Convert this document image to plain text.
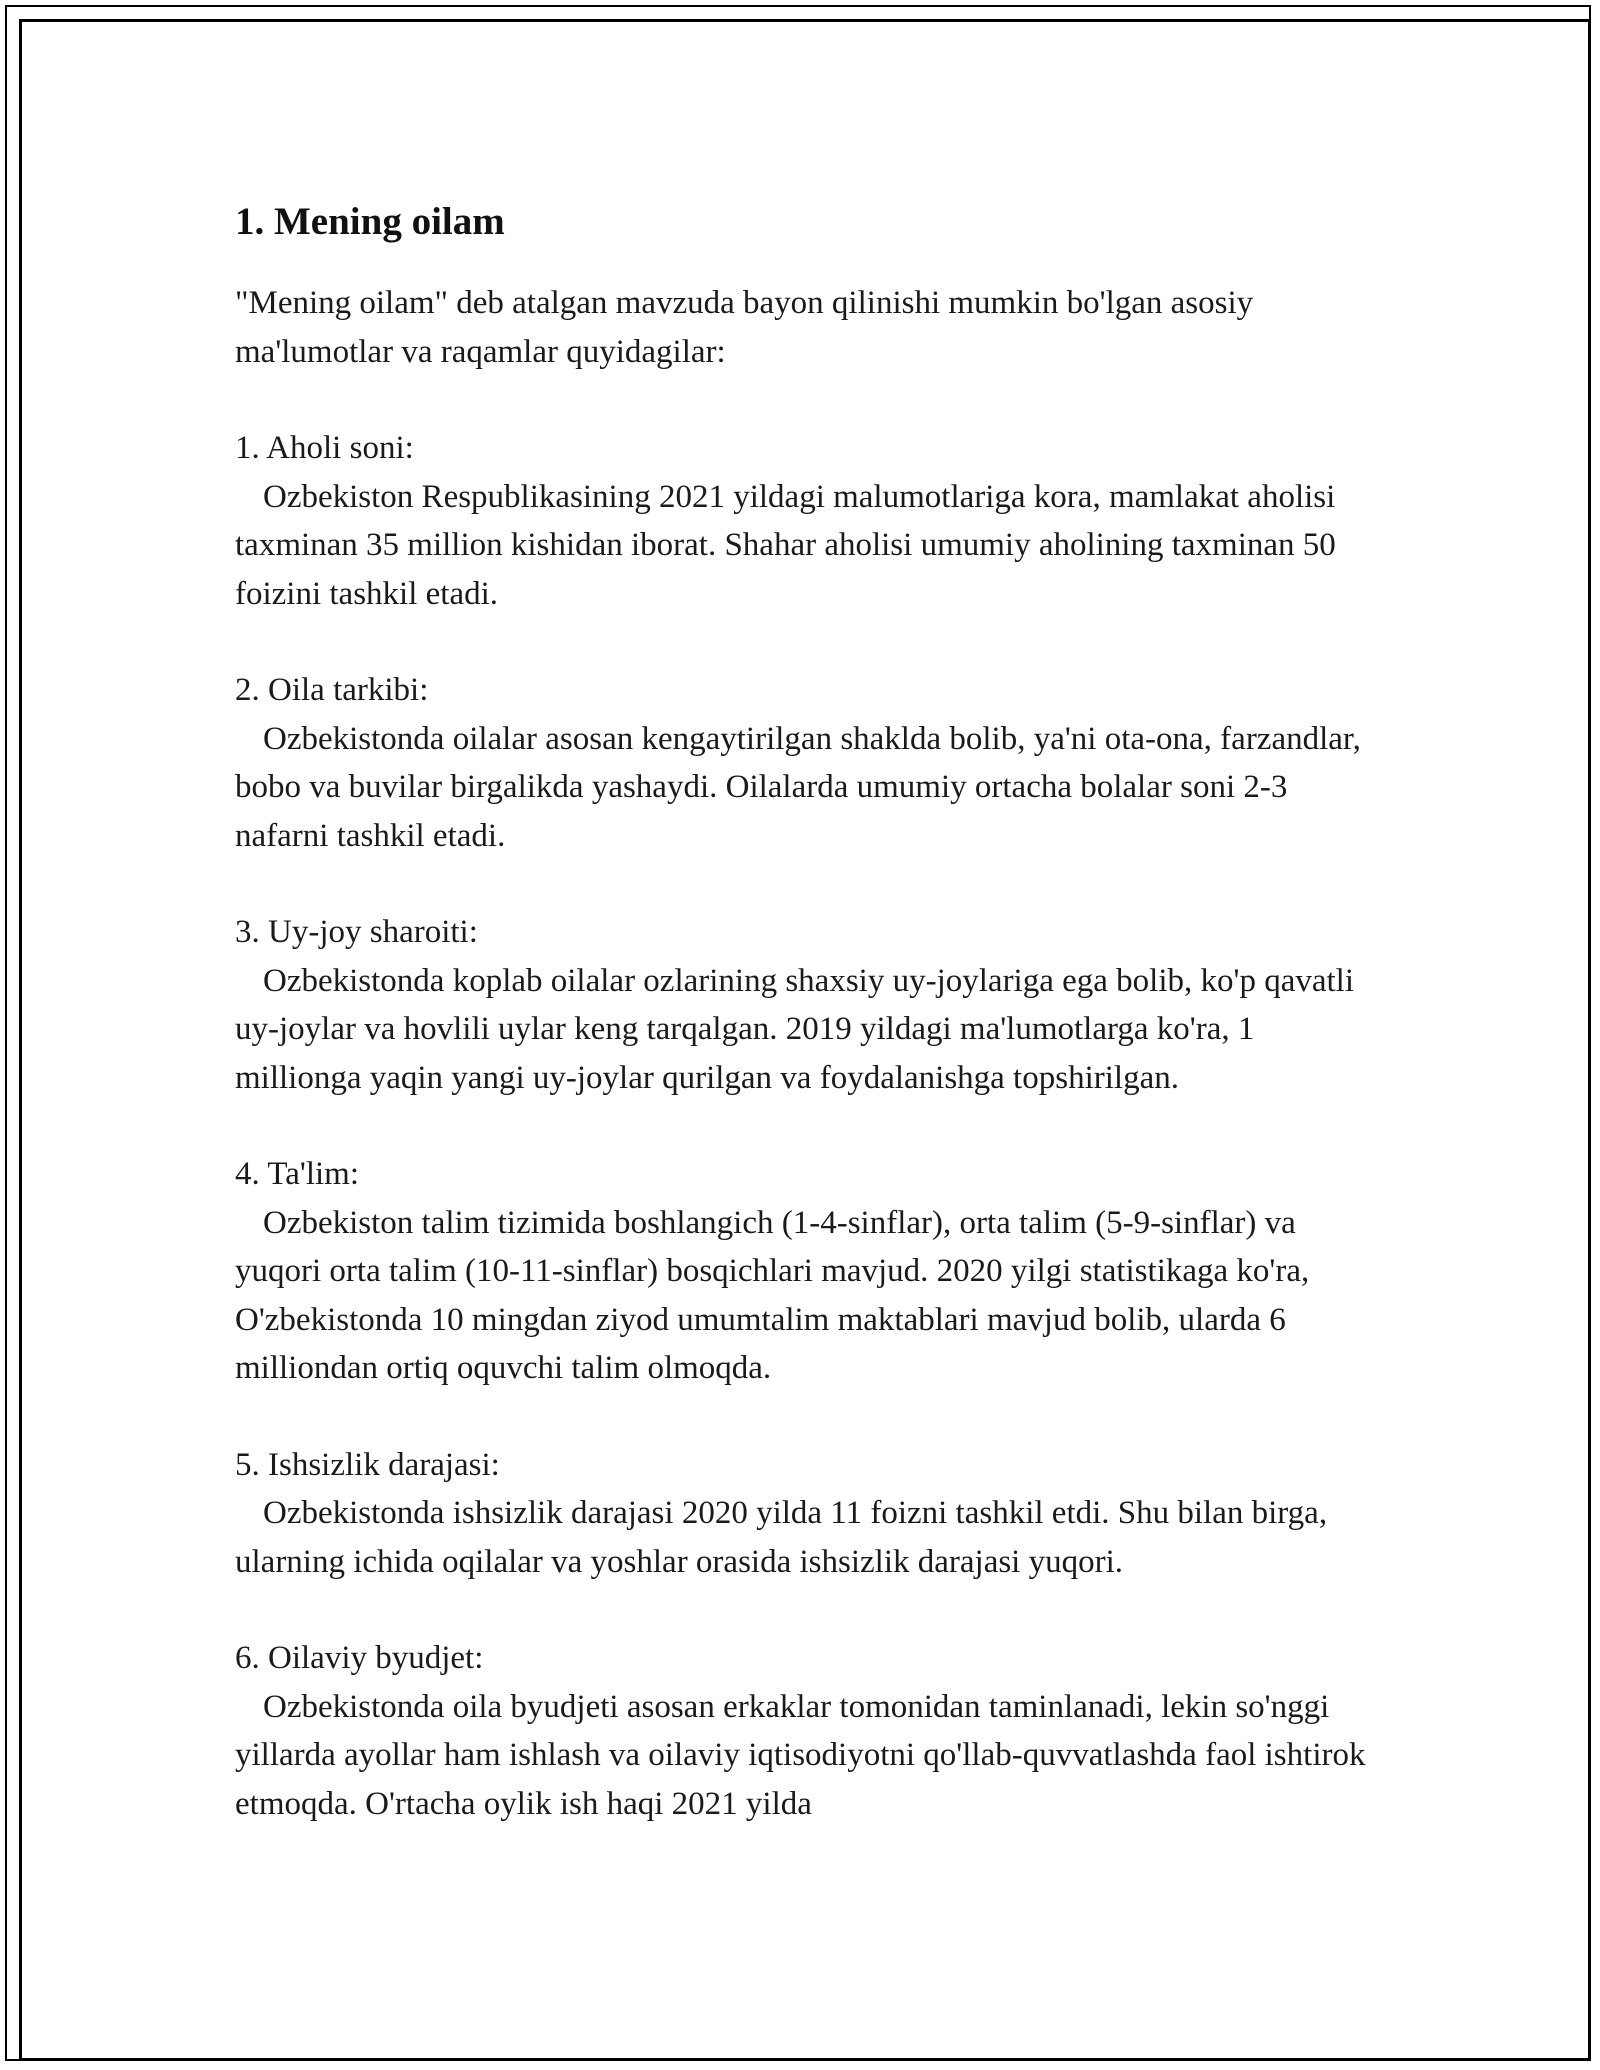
1. Mening oilam

"Mening oilam" deb atalgan mavzuda bayon qilinishi mumkin bo'lgan asosiy ma'lumotlar va raqamlar quyidagilar:

1. Aholi soni:

Ozbekiston Respublikasining 2021 yildagi malumotlariga kora, mamlakat aholisi taxminan 35 million kishidan iborat. Shahar aholisi umumiy aholining taxminan 50 foizini tashkil etadi.

2. Oila tarkibi:

Ozbekistonda oilalar asosan kengaytirilgan shaklda bolib, ya'ni ota-ona, farzandlar, bobo va buvilar birgalikda yashaydi. Oilalarda umumiy ortacha bolalar soni 2-3 nafarni tashkil etadi.

3. Uy-joy sharoiti:

Ozbekistonda koplab oilalar ozlarining shaxsiy uy-joylariga ega bolib, ko'p qavatli uy-joylar va hovlili uylar keng tarqalgan. 2019 yildagi ma'lumotlarga ko'ra, 1 millionga yaqin yangi uy-joylar qurilgan va foydalanishga topshirilgan.

4. Ta'lim:

Ozbekiston talim tizimida boshlangich (1-4-sinflar), orta talim (5-9-sinflar) va yuqori orta talim (10-11-sinflar) bosqichlari mavjud. 2020 yilgi statistikaga ko'ra, O'zbekistonda 10 mingdan ziyod umumtalim maktablari mavjud bolib, ularda 6 milliondan ortiq oquvchi talim olmoqda.

5. Ishsizlik darajasi:

Ozbekistonda ishsizlik darajasi 2020 yilda 11 foizni tashkil etdi. Shu bilan birga, ularning ichida oqilalar va yoshlar orasida ishsizlik darajasi yuqori.

6. Oilaviy byudjet:

Ozbekistonda oila byudjeti asosan erkaklar tomonidan taminlanadi, lekin so'nggi yillarda ayollar ham ishlash va oilaviy iqtisodiyotni qo'llab-quvvatlashda faol ishtirok etmoqda. O'rtacha oylik ish haqi 2021 yilda
